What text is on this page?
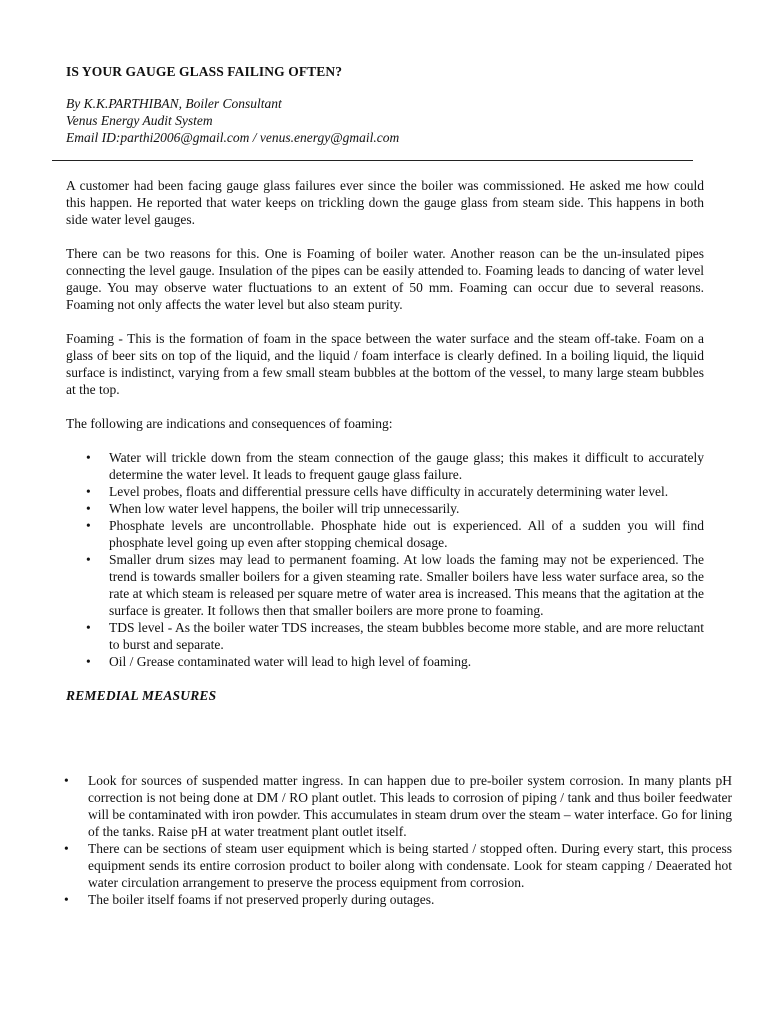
IS YOUR GAUGE GLASS FAILING OFTEN?
By K.K.PARTHIBAN, Boiler Consultant
Venus Energy Audit System
Email ID:parthi2006@gmail.com / venus.energy@gmail.com

A customer had been facing gauge glass failures ever since the boiler was commissioned. He asked me how could this happen. He reported that water keeps on trickling down the gauge glass from steam side. This happens in both side water level gauges.

There can be two reasons for this. One is Foaming of boiler water. Another reason can be the un-insulated pipes connecting the level gauge. Insulation of the pipes can be easily attended to. Foaming leads to dancing of water level gauge. You may observe water fluctuations to an extent of 50 mm. Foaming can occur due to several reasons. Foaming not only affects the water level but also steam purity.

Foaming - This is the formation of foam in the space between the water surface and the steam off-take. Foam on a glass of beer sits on top of the liquid, and the liquid / foam interface is clearly defined. In a boiling liquid, the liquid surface is indistinct, varying from a few small steam bubbles at the bottom of the vessel, to many large steam bubbles at the top.

The following are indications and consequences of foaming:

• Water will trickle down from the steam connection of the gauge glass; this makes it difficult to accurately determine the water level. It leads to frequent gauge glass failure.
• Level probes, floats and differential pressure cells have difficulty in accurately determining water level.
• When low water level happens, the boiler will trip unnecessarily.
• Phosphate levels are uncontrollable. Phosphate hide out is experienced. All of a sudden you will find phosphate level going up even after stopping chemical dosage.
• Smaller drum sizes may lead to permanent foaming. At low loads the faming may not be experienced. The trend is towards smaller boilers for a given steaming rate. Smaller boilers have less water surface area, so the rate at which steam is released per square metre of water area is increased. This means that the agitation at the surface is greater. It follows then that smaller boilers are more prone to foaming.
• TDS level - As the boiler water TDS increases, the steam bubbles become more stable, and are more reluctant to burst and separate.
• Oil / Grease contaminated water will lead to high level of foaming.
REMEDIAL MEASURES
• Look for sources of suspended matter ingress. In can happen due to pre-boiler system corrosion. In many plants pH correction is not being done at DM / RO plant outlet. This leads to corrosion of piping / tank and thus boiler feedwater will be contaminated with iron powder. This accumulates in steam drum over the steam – water interface. Go for lining of the tanks. Raise pH at water treatment plant outlet itself.
• There can be sections of steam user equipment which is being started / stopped often. During every start, this process equipment sends its entire corrosion product to boiler along with condensate. Look for steam capping / Deaerated hot water circulation arrangement to preserve the process equipment from corrosion.
• The boiler itself foams if not preserved properly during outages.
